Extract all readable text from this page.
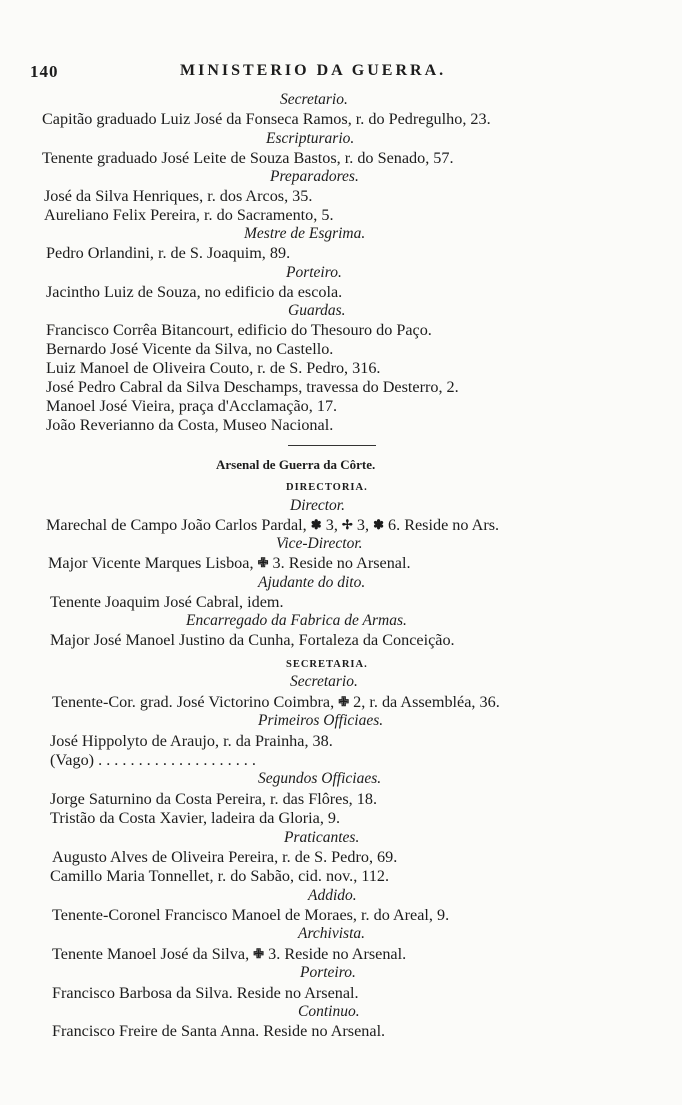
140	MINISTERIO DA GUERRA.
Secretario.
Capitão graduado Luiz José da Fonseca Ramos, r. do Pedregulho, 23.
Escripturario.
Tenente graduado José Leite de Souza Bastos, r. do Senado, 57.
Preparadores.
José da Silva Henriques, r. dos Arcos, 35.
Aureliano Felix Pereira, r. do Sacramento, 5.
Mestre de Esgrima.
Pedro Orlandini, r. de S. Joaquim, 89.
Porteiro.
Jacintho Luiz de Souza, no edificio da escola.
Guardas.
Francisco Corrêa Bitancourt, edificio do Thesouro do Paço.
Bernardo José Vicente da Silva, no Castello.
Luiz Manoel de Oliveira Couto, r. de S. Pedro, 316.
José Pedro Cabral da Silva Deschamps, travessa do Desterro, 2.
Manoel José Vieira, praça d'Acclamação, 17.
João Reverianno da Costa, Museo Nacional.
Arsenal de Guerra da Côrte.
DIRECTORIA.
Director.
Marechal de Campo João Carlos Pardal, ✽ 3, ✢ 3, ✽ 6. Reside no Ars.
Vice-Director.
Major Vicente Marques Lisboa, ✙ 3. Reside no Arsenal.
Ajudante do dito.
Tenente Joaquim José Cabral, idem.
Encarregado da Fabrica de Armas.
Major José Manoel Justino da Cunha, Fortaleza da Conceição.
SECRETARIA.
Secretario.
Tenente-Cor. grad. José Victorino Coimbra, ✙ 2, r. da Assembléa, 36.
Primeiros Officiaes.
José Hippolyto de Araujo, r. da Prainha, 38.
(Vago) . . . . . . . . . . . . . . . . . . . .
Segundos Officiaes.
Jorge Saturnino da Costa Pereira, r. das Flôres, 18.
Tristão da Costa Xavier, ladeira da Gloria, 9.
Praticantes.
Augusto Alves de Oliveira Pereira, r. de S. Pedro, 69.
Camillo Maria Tonnellet, r. do Sabão, cid. nov., 112.
Addido.
Tenente-Coronel Francisco Manoel de Moraes, r. do Areal, 9.
Archivista.
Tenente Manoel José da Silva, ✙ 3. Reside no Arsenal.
Porteiro.
Francisco Barbosa da Silva. Reside no Arsenal.
Continuo.
Francisco Freire de Santa Anna. Reside no Arsenal.
